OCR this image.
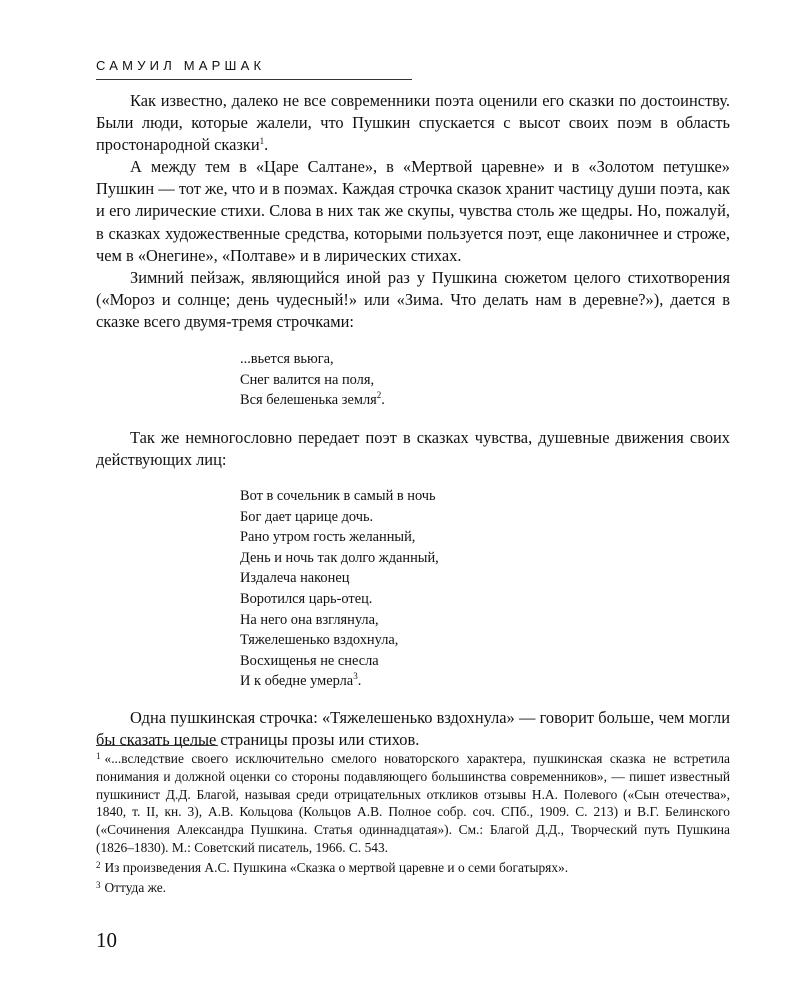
САМУИЛ МАРШАК

Как известно, далеко не все современники поэта оценили его сказки по достоинству. Были люди, которые жалели, что Пушкин спускается с высот своих поэм в область простонародной сказки$^1$.

А между тем в «Царе Салтане», в «Мертвой царевне» и в «Золотом петушке» Пушкин — тот же, что и в поэмах. Каждая строчка сказок хранит частицу души поэта, как и его лирические стихи. Слова в них так же скупы, чувства столь же щедры. Но, пожалуй, в сказках художественные средства, которыми пользуется поэт, еще лаконичнее и строже, чем в «Онегине», «Полтаве» и в лирических стихах.

Зимний пейзаж, являющийся иной раз у Пушкина сюжетом целого стихотворения («Мороз и солнце; день чудесный!» или «Зима. Что делать нам в деревне?»), дается в сказке всего двумя-тремя строчками:

...вьется вьюга,
Снег валится на поля,
Вся белешенька земля$^2$.

Так же немногословно передает поэт в сказках чувства, душевные движения своих действующих лиц:

Вот в сочельник в самый в ночь
Бог дает царице дочь.
Рано утром гость желанный,
День и ночь так долго жданный,
Издалеча наконец
Воротился царь-отец.
На него она взглянула,
Тяжелешенько вздохнула,
Восхищенья не снесла
И к обедне умерла$^3$.

Одна пушкинская строчка: «Тяжелешенько вздохнула» — говорит больше, чем могли бы сказать целые страницы прозы или стихов.

$^1$ «...вследствие своего исключительно смелого новаторского характера, пушкинская сказка не встретила понимания и должной оценки со стороны подавляющего большинства современников», — пишет известный пушкинист Д.Д. Благой, называя среди отрицательных откликов отзывы Н.А. Полевого («Сын отечества», 1840, т. II, кн. 3), А.В. Кольцова (Кольцов А.В. Полное собр. соч. СПб., 1909. С. 213) и В.Г. Белинского («Сочинения Александра Пушкина. Статья одиннадцатая»). См.: Благой Д.Д., Творческий путь Пушкина (1826–1830). М.: Советский писатель, 1966. С. 543.

$^2$ Из произведения А.С. Пушкина «Сказка о мертвой царевне и о семи богатырях».

$^3$ Оттуда же.

10
